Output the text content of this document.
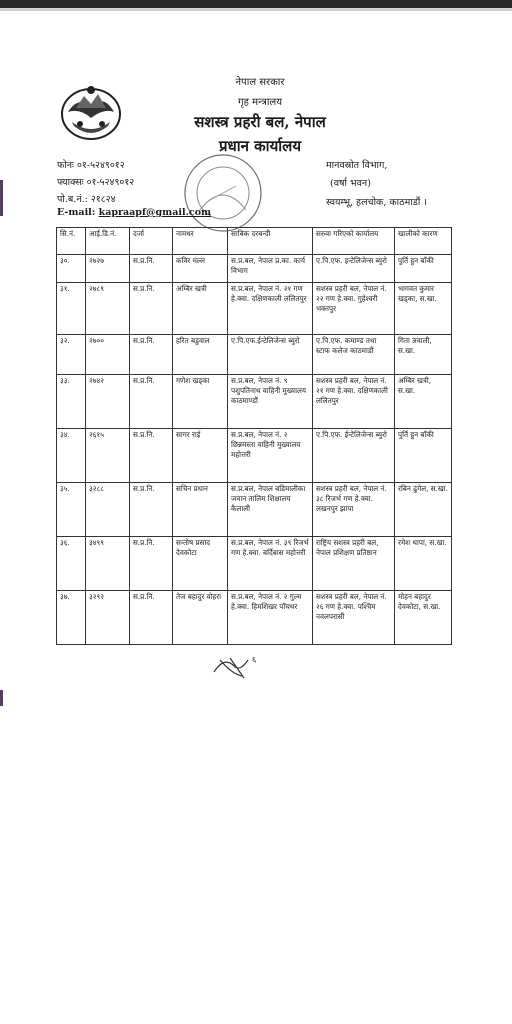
नेपाल सरकार
गृह मन्त्रालय
सशस्त्र प्रहरी बल, नेपाल
प्रधान कार्यालय
फोनः ०१-५२४९०१२
फ्याक्सः ०१-५२४९०१२
पो.ब.नं.: २१८२४
E-mail: kapraapf@gmail.com
मानवस्रोत विभाग,
(वर्षा भवन)
स्वयम्भू, हलचोक, काठमाडौं ।
सि.नं.	आई.डि.नं.	दर्जा	नामथर	साबिक दरबन्दी	सरुवा गरिएको कार्यालय	खालीको कारण
३०.	२७२७	स.प्र.नि.	कविर मल्ल	स.प्र.बल, नेपाल प्र.का. कार्य विभाग	ए.पि.एफ. इन्टेलिजेन्स ब्युरो	पुर्ति हुन बाँकी
३१.	२७८९	स.प्र.नि.	अम्बिर खत्री	स.प्र.बल, नेपाल नं. २१ गण हे.क्वा. दक्षिणकाली ललितपुर	सशस्त्र प्रहरी बल, नेपाल नं. २२ गण हे.क्वा. गुहेश्वरी भक्तपुर	भागवत कुमार खड्का, स.खा.
३२.	२७००	स.प्र.नि.	हरित बडुवाल	ए.पि.एफ.ईन्टेलिजेन्स ब्युरो	ए.पि.एफ. कमाण्ड तथा स्टाफ कलेज काठमाडौं	गिता ज्ञवाली, स.खा.
३३.	२७४२	स.प्र.नि.	गणेश खड्का	स.प्र.बल, नेपाल नं. ९ पशुपतिनाथ वाहिनी मुख्यालय काठमाण्डौं	सशस्त्र प्रहरी बल, नेपाल नं. २१ गण हे.क्वा. दक्षिणकाली ललितपुर	अम्बिर खत्री, स.खा.
३४.	२६१५	स.प्र.नि.	सागर राई	स.प्र.बल, नेपाल नं. २ छिन्नमस्ता वाहिनी मुख्यालय महोत्तरी	ए.पि.एफ. ईन्टेलिजेन्स ब्युरो	पुर्ति हुन बाँकी
३५.	३२८८	स.प्र.नि.	सचिन प्रधान	स.प्र.बल, नेपाल बडिमालीका जवान तालिम शिक्षालय कैलाली	सशस्त्र प्रहरी बल, नेपाल नं. ३८ रिजर्भ गण हे.क्वा. लखनपुर झापा	रबिन ढुंगेल, स.खा.
३६.	३४९९	स.प्र.नि.	सन्तोष प्रसाद देवकोटा	स.प्र.बल, नेपाल नं. ३९ रिजर्भ गण हे.क्वा. बर्दिबास महोत्तरी	राष्ट्रिय सशस्त्र प्रहरी बल, नेपाल प्रशिक्षण प्रतिष्ठान	रमेश थापा, स.खा.
३७.	३२९२	स.प्र.नि.	तेज बहादुर वोहरा	स.प्र.बल, नेपाल नं. २ गुल्म हे.क्वा. हिमशिखर पाँचथर	सशस्त्र प्रहरी बल, नेपाल नं. २६ गण हे.क्वा. पश्चिम नवलपरासी	मोहन बहादुर देवकोटा, स.खा.
६
